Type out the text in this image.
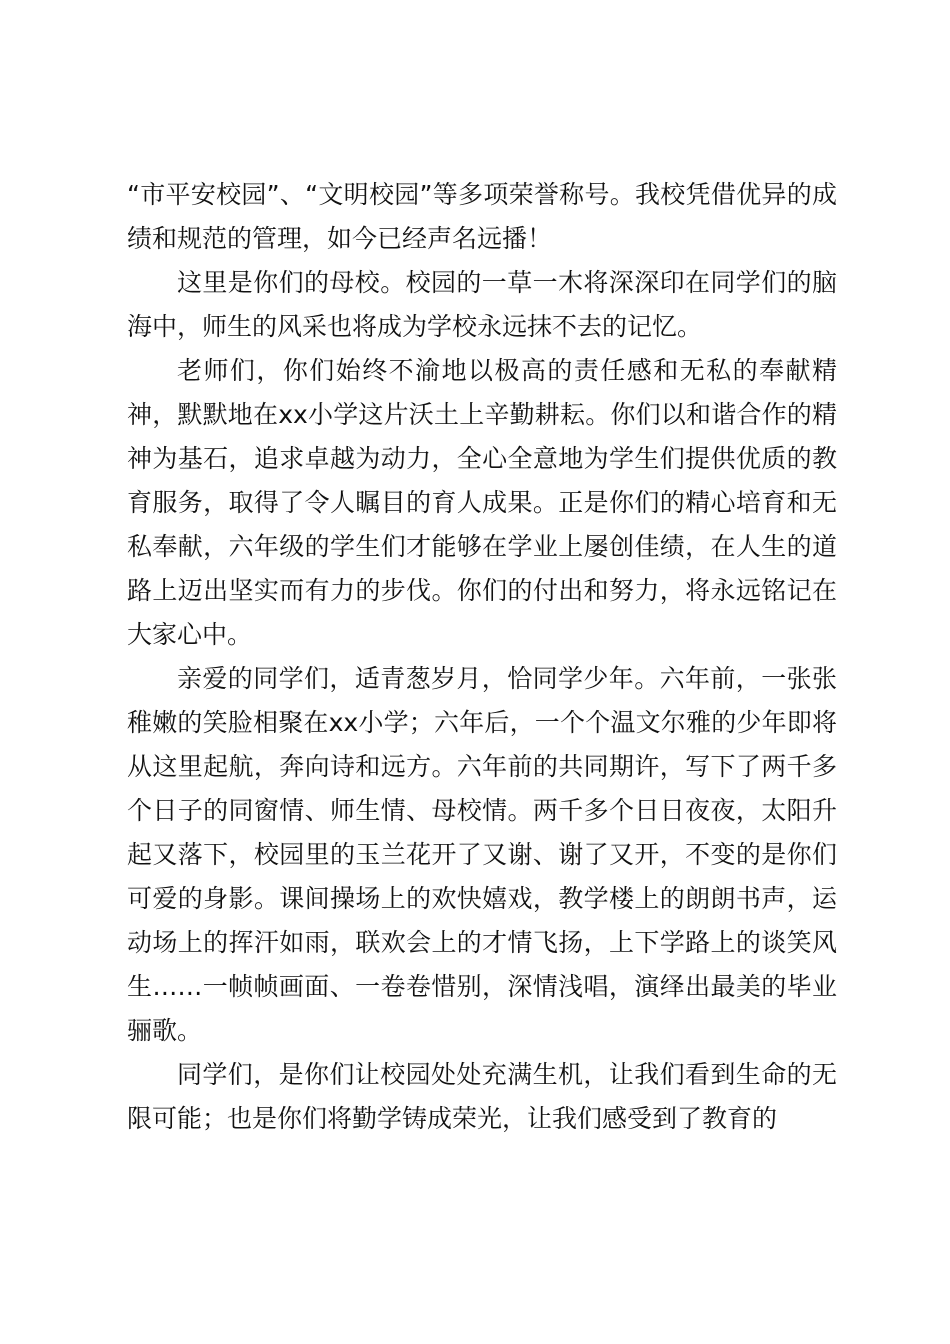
“市平安校园”、“文明校园”等多项荣誉称号。我校凭借优异的成绩和规范的管理，如今已经声名远播！

这里是你们的母校。校园的一草一木将深深印在同学们的脑海中，师生的风采也将成为学校永远抹不去的记忆。

老师们，你们始终不渝地以极高的责任感和无私的奉献精神，默默地在xx小学这片沃土上辛勤耕耘。你们以和谐合作的精神为基石，追求卓越为动力，全心全意地为学生们提供优质的教育服务，取得了令人瞩目的育人成果。正是你们的精心培育和无私奉献，六年级的学生们才能够在学业上屡创佳绩，在人生的道路上迈出坚实而有力的步伐。你们的付出和努力，将永远铭记在大家心中。

亲爱的同学们，适青葱岁月，恰同学少年。六年前，一张张稚嫩的笑脸相聚在xx小学；六年后，一个个温文尔雅的少年即将从这里起航，奔向诗和远方。六年前的共同期许，写下了两千多个日子的同窗情、师生情、母校情。两千多个日日夜夜，太阳升起又落下，校园里的玉兰花开了又谢、谢了又开，不变的是你们可爱的身影。课间操场上的欢快嬉戏，教学楼上的朗朗书声，运动场上的挥汗如雨，联欢会上的才情飞扬，上下学路上的谈笑风生……一帧帧画面、一卷卷惜别，深情浅唱，演绎出最美的毕业骊歌。

同学们，是你们让校园处处充满生机，让我们看到生命的无限可能；也是你们将勤学铸成荣光，让我们感受到了教育的
